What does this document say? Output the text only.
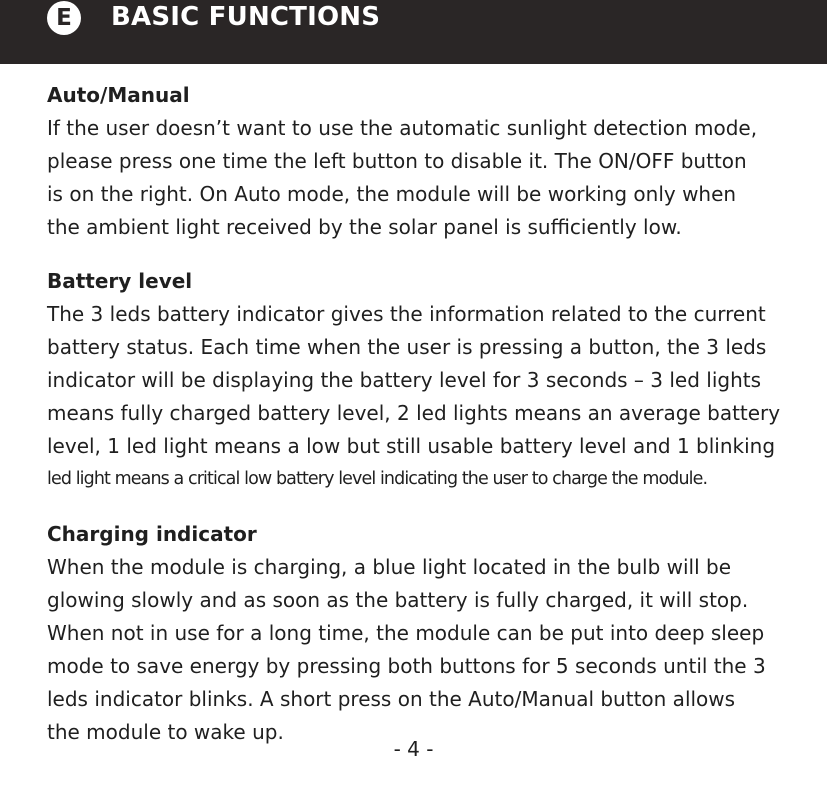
E	BASIC FUNCTIONS
Auto/Manual
If the user doesn’t want to use the automatic sunlight detection mode,
please press one time the left button to disable it. The ON/OFF button
is on the right. On Auto mode, the module will be working only when
the ambient light received by the solar panel is sufficiently low.
Battery level
The 3 leds battery indicator gives the information related to the current
battery status. Each time when the user is pressing a button, the 3 leds
indicator will be displaying the battery level for 3 seconds – 3 led lights
means fully charged battery level, 2 led lights means an average battery
level, 1 led light means a low but still usable battery level and 1 blinking
led light means a critical low battery level indicating the user to charge the module.
Charging indicator
When the module is charging, a blue light located in the bulb will be
glowing slowly and as soon as the battery is fully charged, it will stop.
When not in use for a long time, the module can be put into deep sleep
mode to save energy by pressing both buttons for 5 seconds until the 3
leds indicator blinks. A short press on the Auto/Manual button allows
the module to wake up.
- 4 -
